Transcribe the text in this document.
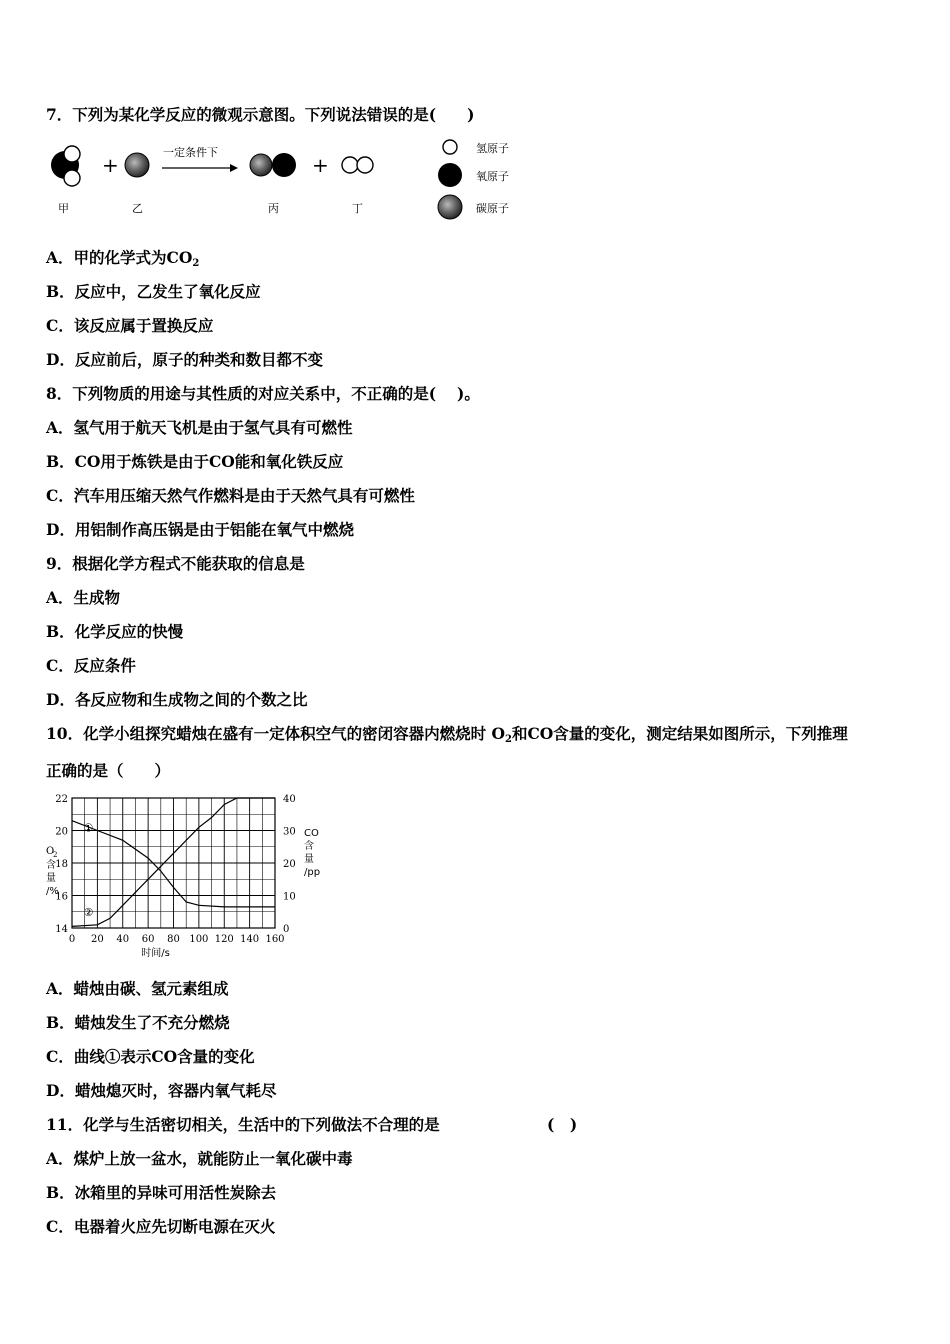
7．下列为某化学反应的微观示意图。下列说法错误的是(　　)
+
一定条件下
+
甲	乙	丙	丁
氢原子
氧原子
碳原子
A．甲的化学式为$CO_2$
B．反应中，乙发生了氧化反应
C．该反应属于置换反应
D．反应前后，原子的种类和数目都不变
8．下列物质的用途与其性质的对应关系中，不正确的是(　 )。
A．氢气用于航天飞机是由于氢气具有可燃性
B．CO用于炼铁是由于CO能和氧化铁反应
C．汽车用压缩天然气作燃料是由于天然气具有可燃性
D．用铝制作高压锅是由于铝能在氧气中燃烧
9．根据化学方程式不能获取的信息是
A．生成物
B．化学反应的快慢
C．反应条件
D．各反应物和生成物之间的个数之比
10．化学小组探究蜡烛在盛有一定体积空气的密闭容器内燃烧时 $O_2$和CO含量的变化，测定结果如图所示，下列推理
正确的是（　　）
0 20 40 60 80 100 120 140 160
14
16
18
20
22
0
10
20
30
40
时间/s
O
2
含
量
/%
CO
含
量
/pp
①
②
A．蜡烛由碳、氢元素组成
B．蜡烛发生了不充分燃烧
C．曲线①表示CO含量的变化
D．蜡烛熄灭时，容器内氧气耗尽
11．化学与生活密切相关，生活中的下列做法不合理的是	(　)
A．煤炉上放一盆水，就能防止一氧化碳中毒
B．冰箱里的异味可用活性炭除去
C．电器着火应先切断电源在灭火
